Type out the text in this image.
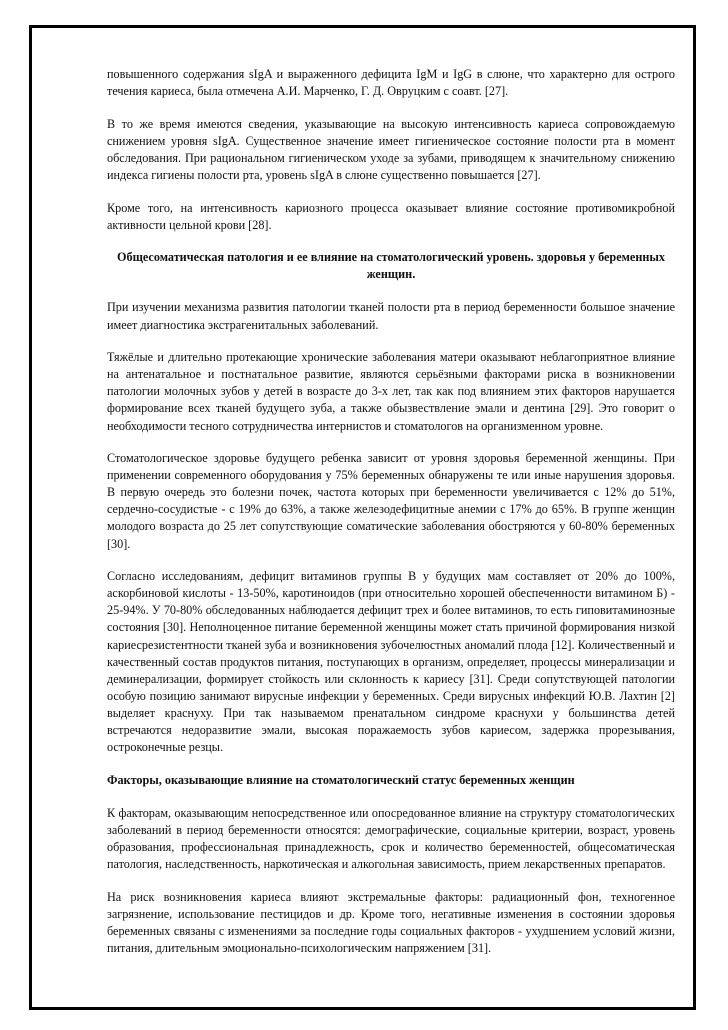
повышенного содержания sIgA и выраженного дефицита IgM и IgG в слюне, что характерно для острого течения кариеса, была отмечена А.И. Марченко, Г. Д. Овруцким с соавт. [27].

В то же время имеются сведения, указывающие на высокую интенсивность кариеса сопровождаемую снижением уровня sIgA. Существенное значение имеет гигиеническое состояние полости рта в момент обследования. При рациональном гигиеническом уходе за зубами, приводящем к значительному снижению индекса гигиены полости рта, уровень sIgA в слюне существенно повышается [27].

Кроме того, на интенсивность кариозного процесса оказывает влияние состояние противомикробной активности цельной крови [28].

Общесоматическая патология и ее влияние на стоматологический уровень. здоровья у беременных женщин.

При изучении механизма развития патологии тканей полости рта в период беременности большое значение имеет диагностика экстрагенитальных заболеваний.

Тяжёлые и длительно протекающие хронические заболевания матери оказывают неблагоприятное влияние на антенатальное и постнатальное развитие, являются серьёзными факторами риска в возникновении патологии молочных зубов у детей в возрасте до 3-х лет, так как под влиянием этих факторов нарушается формирование всех тканей будущего зуба, а также обызвествление эмали и дентина [29]. Это говорит о необходимости тесного сотрудничества интернистов и стоматологов на организменном уровне.

Стоматологическое здоровье будущего ребенка зависит от уровня здоровья беременной женщины. При применении современного оборудования у 75% беременных обнаружены те или иные нарушения здоровья. В первую очередь это болезни почек, частота которых при беременности увеличивается с 12% до 51%, сердечно-сосудистые - с 19% до 63%, а также железодефицитные анемии с 17% до 65%. В группе женщин молодого возраста до 25 лет сопутствующие соматические заболевания обостряются у 60-80% беременных [30].

Согласно исследованиям, дефицит витаминов группы В у будущих мам составляет от 20% до 100%, аскорбиновой кислоты - 13-50%, каротиноидов (при относительно хорошей обеспеченности витамином Б) - 25-94%. У 70-80% обследованных наблюдается дефицит трех и более витаминов, то есть гиповитаминозные состояния [30]. Неполноценное питание беременной женщины может стать причиной формирования низкой кариесрезистентности тканей зуба и возникновения зубочелюстных аномалий плода [12]. Количественный и качественный состав продуктов питания, поступающих в организм, определяет, процессы минерализации и деминерализации, формирует стойкость или склонность к кариесу [31]. Среди сопутствующей патологии особую позицию занимают вирусные инфекции у беременных. Среди вирусных инфекций Ю.В. Лахтин [2] выделяет краснуху. При так называемом пренатальном синдроме краснухи у большинства детей встречаются недоразвитие эмали, высокая поражаемость зубов кариесом, задержка прорезывания, остроконечные резцы.

Факторы, оказывающие влияние на стоматологический статус беременных женщин

К факторам, оказывающим непосредственное или опосредованное влияние на структуру стоматологических заболеваний в период беременности относятся: демографические, социальные критерии, возраст, уровень образования, профессиональная принадлежность, срок и количество беременностей, общесоматическая патология, наследственность, наркотическая и алкогольная зависимость, прием лекарственных препаратов.

На риск возникновения кариеса влияют экстремальные факторы: радиационный фон, техногенное загрязнение, использование пестицидов и др. Кроме того, негативные изменения в состоянии здоровья беременных связаны с изменениями за последние годы социальных факторов - ухудшением условий жизни, питания, длительным эмоционально-психологическим напряжением [31].
